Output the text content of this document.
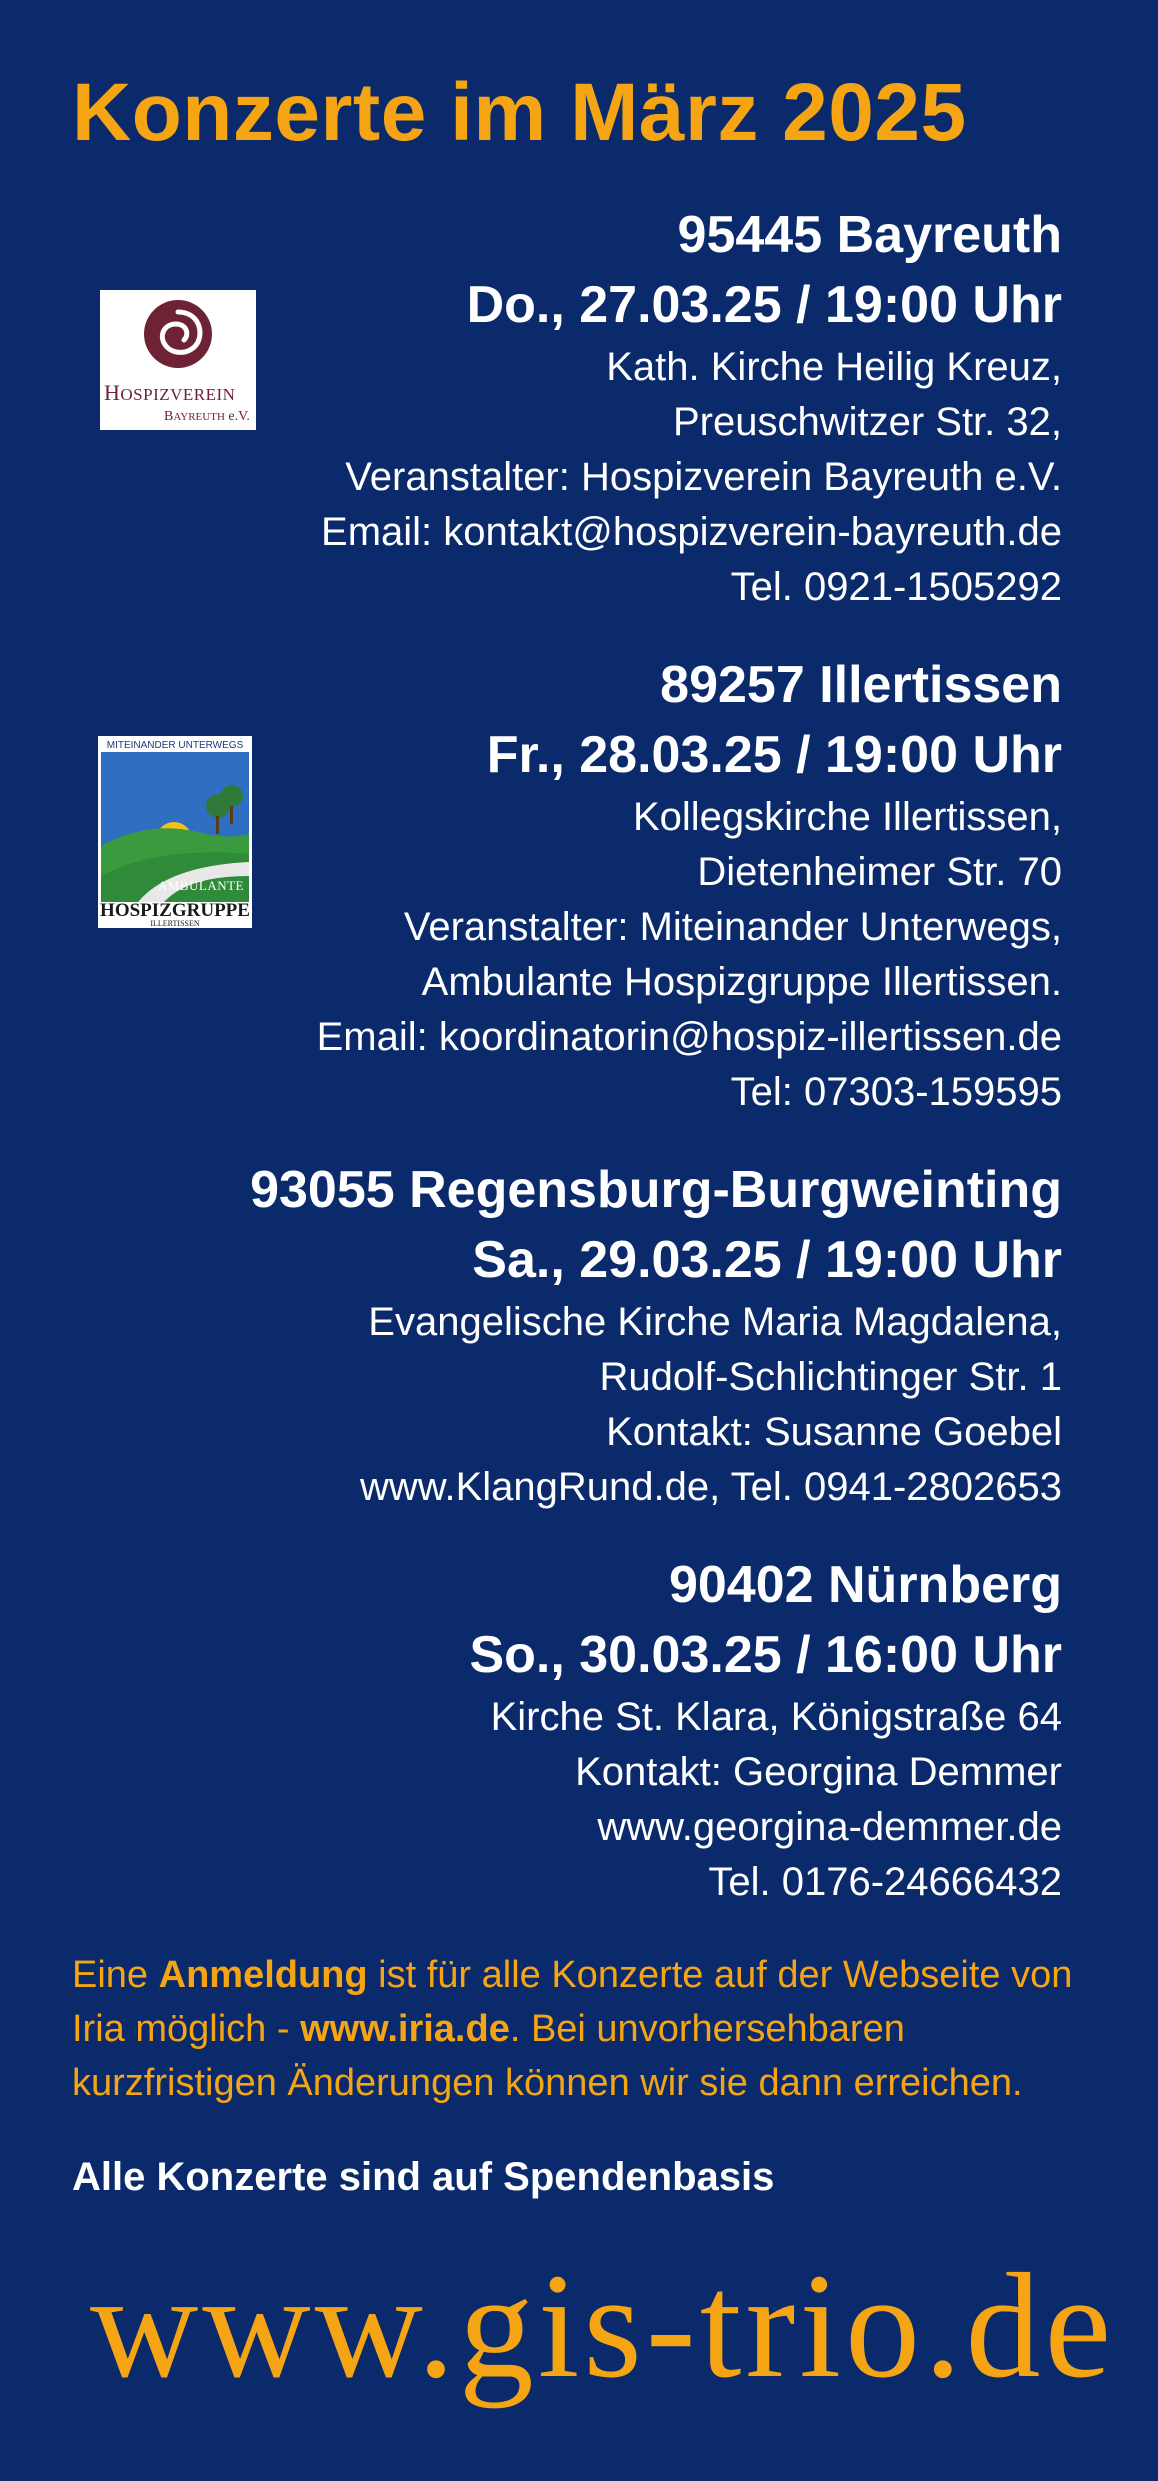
Konzerte im März 2025
95445 Bayreuth
Do., 27.03.25 / 19:00 Uhr
Kath. Kirche Heilig Kreuz,
Preuschwitzer Str. 32,
Veranstalter: Hospizverein Bayreuth e.V.
Email: kontakt@hospizverein-bayreuth.de
Tel. 0921-1505292
HOSPIZVEREIN
BAYREUTH e.V.
89257 Illertissen
Fr., 28.03.25 / 19:00 Uhr
Kollegskirche Illertissen,
Dietenheimer Str. 70
Veranstalter: Miteinander Unterwegs,
Ambulante Hospizgruppe Illertissen.
Email: koordinatorin@hospiz-illertissen.de
Tel: 07303-159595
MITEINANDER UNTERWEGS
AMBULANTE
HOSPIZGRUPPE
ILLERTISSEN
93055 Regensburg-Burgweinting
Sa., 29.03.25 / 19:00 Uhr
Evangelische Kirche Maria Magdalena,
Rudolf-Schlichtinger Str. 1
Kontakt: Susanne Goebel
www.KlangRund.de, Tel. 0941-2802653
90402 Nürnberg
So., 30.03.25 / 16:00 Uhr
Kirche St. Klara, Königstraße 64
Kontakt: Georgina Demmer
www.georgina-demmer.de
Tel. 0176-24666432
Eine Anmeldung ist für alle Konzerte auf der Webseite von Iria möglich - www.iria.de. Bei unvorhersehbaren kurzfristigen Änderungen können wir sie dann erreichen.
Alle Konzerte sind auf Spendenbasis
www.gis-trio.de
